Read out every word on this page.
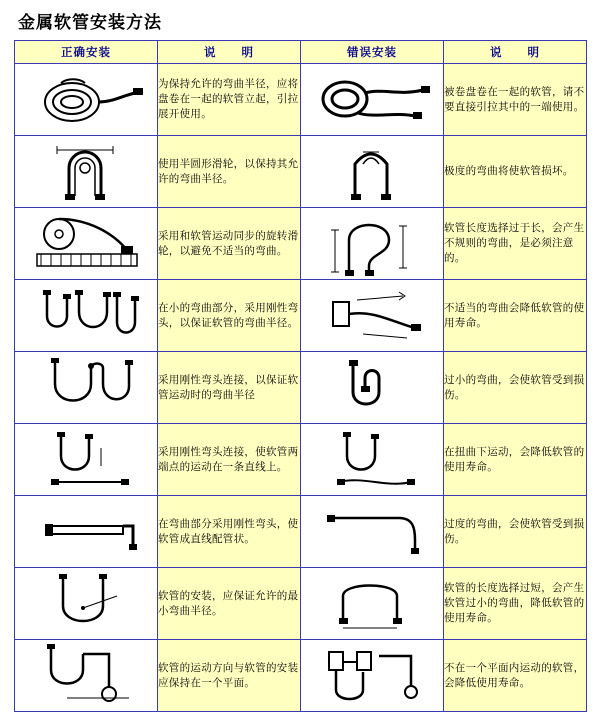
金属软管安装方法
正确安装	说　　明	错误安装	说　　明

	为保持允许的弯曲半径，应将盘卷在一起的软管立起，引拉展开使用。		被卷盘卷在一起的软管，请不要直接引拉其中的一端使用。

	使用半圆形滑轮，以保持其允许的弯曲半径。		极度的弯曲将使软管损坏。

	采用和软管运动同步的旋转滑轮，以避免不适当的弯曲。		软管长度选择过于长，会产生不规则的弯曲，是必须注意的。

	在小的弯曲部分，采用刚性弯头，以保证软管的弯曲半径。		不适当的弯曲会降低软管的使用寿命。

	采用刚性弯头连接，以保证软管运动时的弯曲半径		过小的弯曲，会使软管受到损伤。

	采用刚性弯头连接，使软管两端点的运动在一条直线上。		在扭曲下运动，会降低软管的使用寿命。

	在弯曲部分采用刚性弯头，使软管成直线配管状。		过度的弯曲，会使软管受到损伤。

	软管的安装，应保证允许的最小弯曲半径。		软管的长度选择过短，会产生软管过小的弯曲，降低软管的使用寿命。

	软管的运动方向与软管的安装应保持在一个平面。		不在一个平面内运动的软管，会降低使用寿命。
